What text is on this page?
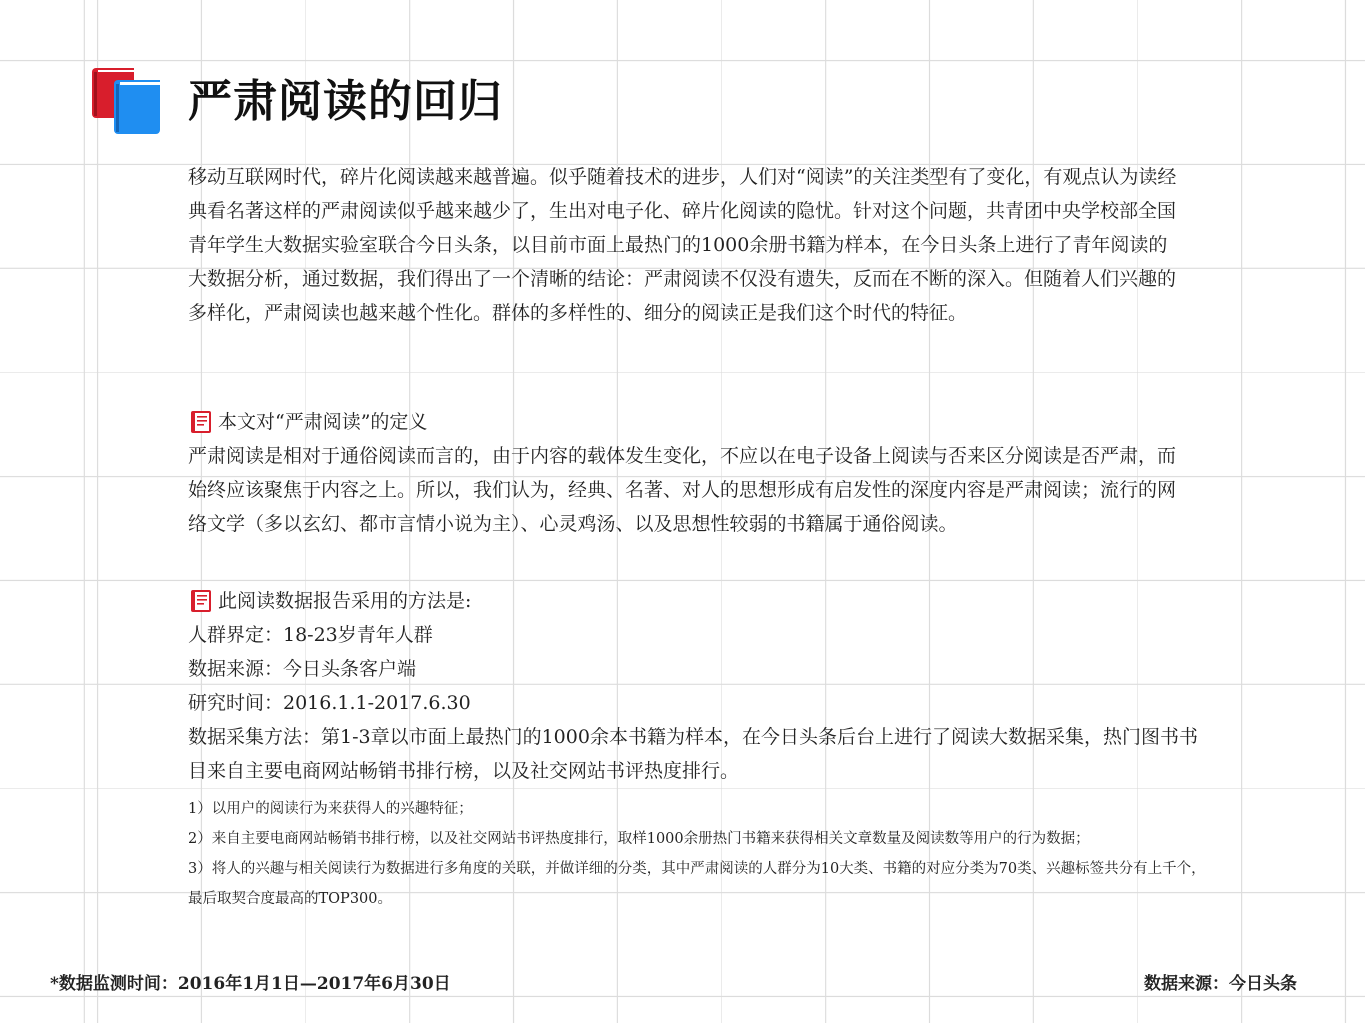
严肃阅读的回归

移动互联网时代，碎片化阅读越来越普遍。似乎随着技术的进步，人们对“阅读”的关注类型有了变化，有观点认为读经典看名著这样的严肃阅读似乎越来越少了，生出对电子化、碎片化阅读的隐忧。针对这个问题，共青团中央学校部全国青年学生大数据实验室联合今日头条，以目前市面上最热门的1000余册书籍为样本，在今日头条上进行了青年阅读的大数据分析，通过数据，我们得出了一个清晰的结论：严肃阅读不仅没有遗失，反而在不断的深入。但随着人们兴趣的多样化，严肃阅读也越来越个性化。群体的多样性的、细分的阅读正是我们这个时代的特征。

本文对“严肃阅读”的定义

严肃阅读是相对于通俗阅读而言的，由于内容的载体发生变化，不应以在电子设备上阅读与否来区分阅读是否严肃，而始终应该聚焦于内容之上。所以，我们认为，经典、名著、对人的思想形成有启发性的深度内容是严肃阅读；流行的网络文学（多以玄幻、都市言情小说为主）、心灵鸡汤、以及思想性较弱的书籍属于通俗阅读。

此阅读数据报告采用的方法是:
人群界定：18-23岁青年人群
数据来源：今日头条客户端
研究时间：2016.1.1-2017.6.30
数据采集方法：第1-3章以市面上最热门的1000余本书籍为样本，在今日头条后台上进行了阅读大数据采集，热门图书书目来自主要电商网站畅销书排行榜，以及社交网站书评热度排行。
1）以用户的阅读行为来获得人的兴趣特征；
2）来自主要电商网站畅销书排行榜，以及社交网站书评热度排行，取样1000余册热门书籍来获得相关文章数量及阅读数等用户的行为数据；
3）将人的兴趣与相关阅读行为数据进行多角度的关联，并做详细的分类，其中严肃阅读的人群分为10大类、书籍的对应分类为70类、兴趣标签共分有上千个，最后取契合度最高的TOP300。
*数据监测时间：2016年1月1日—2017年6月30日	数据来源：今日头条
